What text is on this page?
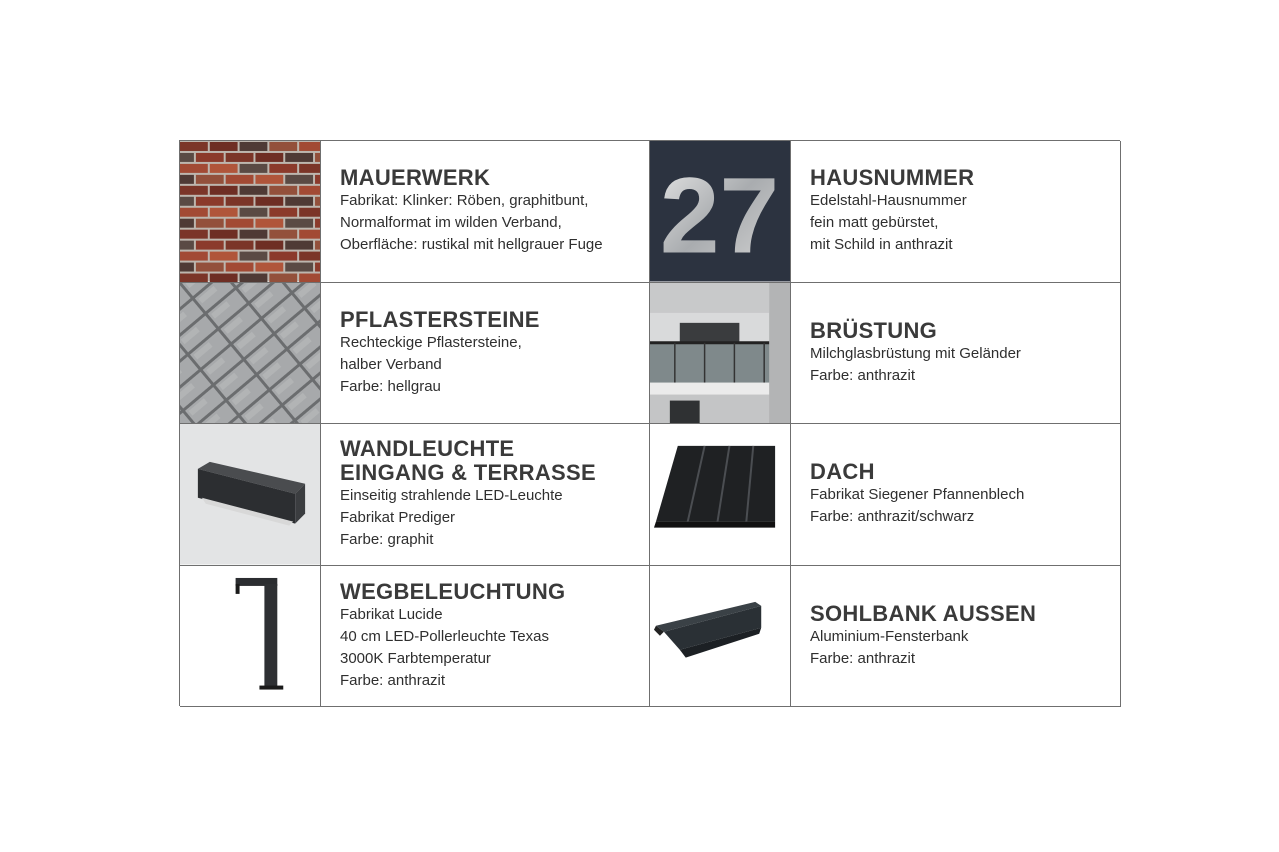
MAUERWERK
Fabrikat: Klinker: Röben, graphitbunt,
Normalformat im wilden Verband,
Oberfläche: rustikal mit hellgrauer Fuge 27 HAUSNUMMER
Edelstahl-Hausnummer
fein matt gebürstet,
mit Schild in anthrazit
PFLASTERSTEINE
Rechteckige Pflastersteine,
halber Verband
Farbe: hellgrau
BRÜSTUNG
Milchglasbrüstung mit Geländer
Farbe: anthrazit
WANDLEUCHTE
EINGANG & TERRASSE
Einseitig strahlende LED-Leuchte
Fabrikat Prediger
Farbe: graphit
DACH
Fabrikat Siegener Pfannenblech
Farbe: anthrazit/schwarz
WEGBELEUCHTUNG
Fabrikat Lucide
40 cm LED-Pollerleuchte Texas
3000K Farbtemperatur
Farbe: anthrazit
SOHLBANK AUSSEN
Aluminium-Fensterbank
Farbe: anthrazit
